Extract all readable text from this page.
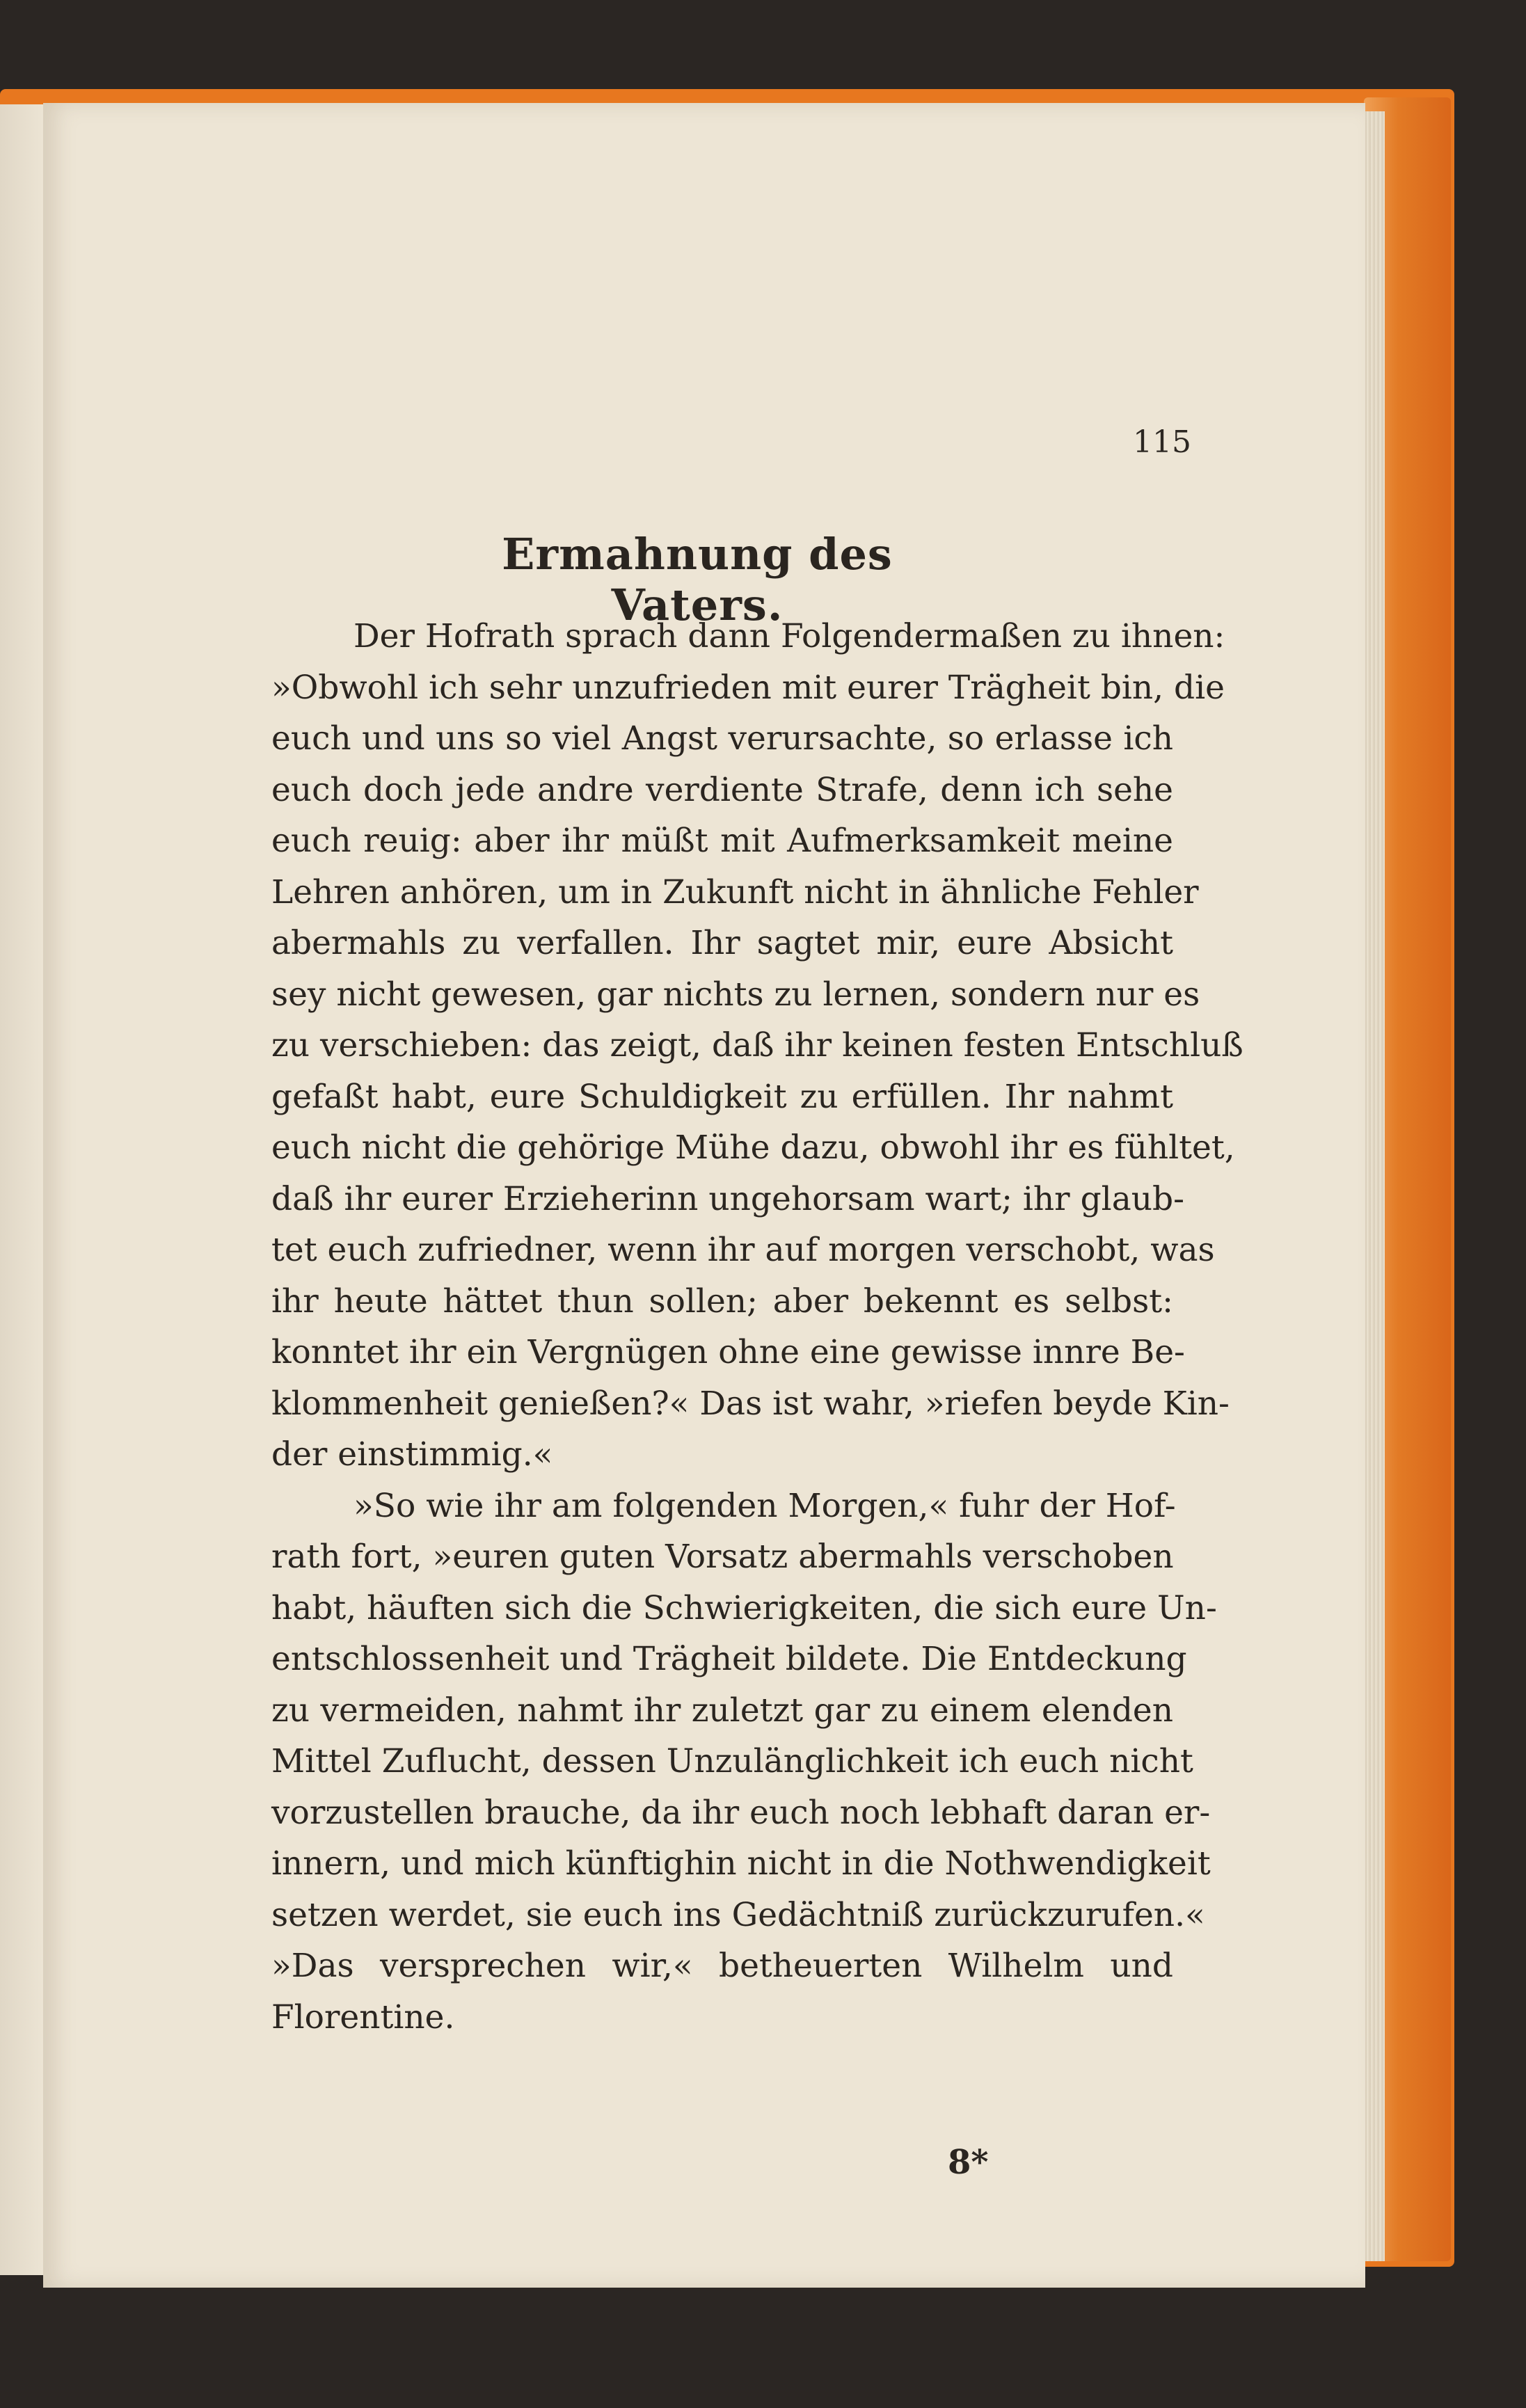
115
Ermahnung des Vaters.
Der Hofrath sprach dann Folgendermaßen zu ihnen:
»Obwohl ich sehr unzufrieden mit eurer Trägheit bin, die
euch und uns so viel Angst verursachte, so erlasse ich
euch doch jede andre verdiente Strafe, denn ich sehe
euch reuig: aber ihr müßt mit Aufmerksamkeit meine
Lehren anhören, um in Zukunft nicht in ähnliche Fehler
abermahls zu verfallen. Ihr sagtet mir, eure Absicht
sey nicht gewesen, gar nichts zu lernen, sondern nur es
zu verschieben: das zeigt, daß ihr keinen festen Entschluß
gefaßt habt, eure Schuldigkeit zu erfüllen. Ihr nahmt
euch nicht die gehörige Mühe dazu, obwohl ihr es fühltet,
daß ihr eurer Erzieherinn ungehorsam wart; ihr glaub-
tet euch zufriedner, wenn ihr auf morgen verschobt, was
ihr heute hättet thun sollen; aber bekennt es selbst:
konntet ihr ein Vergnügen ohne eine gewisse innre Be-
klommenheit genießen?« Das ist wahr, »riefen beyde Kin-
der einstimmig.«
»So wie ihr am folgenden Morgen,« fuhr der Hof-
rath fort, »euren guten Vorsatz abermahls verschoben
habt, häuften sich die Schwierigkeiten, die sich eure Un-
entschlossenheit und Trägheit bildete. Die Entdeckung
zu vermeiden, nahmt ihr zuletzt gar zu einem elenden
Mittel Zuflucht, dessen Unzulänglichkeit ich euch nicht
vorzustellen brauche, da ihr euch noch lebhaft daran er-
innern, und mich künftighin nicht in die Nothwendigkeit
setzen werdet, sie euch ins Gedächtniß zurückzurufen.«
»Das versprechen wir,« betheuerten Wilhelm und
Florentine.
8*
